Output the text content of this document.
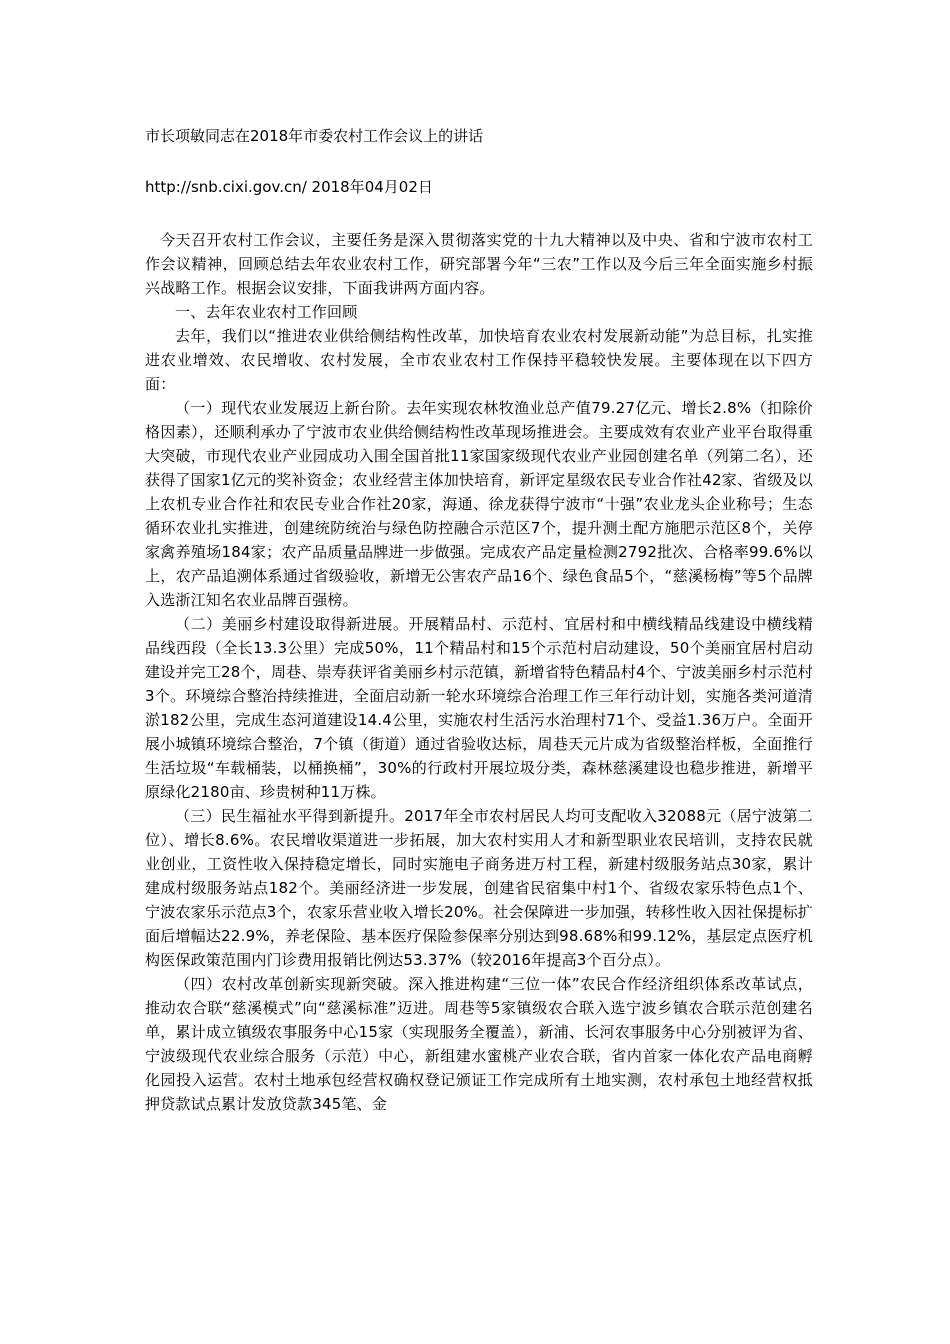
市长项敏同志在2018年市委农村工作会议上的讲话
http://snb.cixi.gov.cn/ 2018年04月02日

今天召开农村工作会议，主要任务是深入贯彻落实党的十九大精神以及中央、省和宁波市农村工作会议精神，回顾总结去年农业农村工作，研究部署今年“三农”工作以及今后三年全面实施乡村振兴战略工作。根据会议安排，下面我讲两方面内容。

一、去年农业农村工作回顾

去年，我们以“推进农业供给侧结构性改革，加快培育农业农村发展新动能”为总目标，扎实推进农业增效、农民增收、农村发展，全市农业农村工作保持平稳较快发展。主要体现在以下四方面：

（一）现代农业发展迈上新台阶。去年实现农林牧渔业总产值79.27亿元、增长2.8%（扣除价格因素），还顺利承办了宁波市农业供给侧结构性改革现场推进会。主要成效有农业产业平台取得重大突破，市现代农业产业园成功入围全国首批11家国家级现代农业产业园创建名单（列第二名），还获得了国家1亿元的奖补资金；农业经营主体加快培育，新评定星级农民专业合作社42家、省级及以上农机专业合作社和农民专业合作社20家，海通、徐龙获得宁波市“十强”农业龙头企业称号；生态循环农业扎实推进，创建统防统治与绿色防控融合示范区7个，提升测土配方施肥示范区8个，关停家禽养殖场184家；农产品质量品牌进一步做强。完成农产品定量检测2792批次、合格率99.6%以上，农产品追溯体系通过省级验收，新增无公害农产品16个、绿色食品5个，“慈溪杨梅”等5个品牌入选浙江知名农业品牌百强榜。

（二）美丽乡村建设取得新进展。开展精品村、示范村、宜居村和中横线精品线建设中横线精品线西段（全长13.3公里）完成50%，11个精品村和15个示范村启动建设，50个美丽宜居村启动建设并完工28个，周巷、崇寿获评省美丽乡村示范镇，新增省特色精品村4个、宁波美丽乡村示范村3个。环境综合整治持续推进，全面启动新一轮水环境综合治理工作三年行动计划，实施各类河道清淤182公里，完成生态河道建设14.4公里，实施农村生活污水治理村71个、受益1.36万户。全面开展小城镇环境综合整治，7个镇（街道）通过省验收达标，周巷天元片成为省级整治样板，全面推行生活垃圾“车载桶装，以桶换桶”，30%的行政村开展垃圾分类，森林慈溪建设也稳步推进，新增平原绿化2180亩、珍贵树种11万株。

（三）民生福祉水平得到新提升。2017年全市农村居民人均可支配收入32088元（居宁波第二位）、增长8.6%。农民增收渠道进一步拓展，加大农村实用人才和新型职业农民培训，支持农民就业创业，工资性收入保持稳定增长，同时实施电子商务进万村工程，新建村级服务站点30家，累计建成村级服务站点182个。美丽经济进一步发展，创建省民宿集中村1个、省级农家乐特色点1个、宁波农家乐示范点3个，农家乐营业收入增长20%。社会保障进一步加强，转移性收入因社保提标扩面后增幅达22.9%，养老保险、基本医疗保险参保率分别达到98.68%和99.12%，基层定点医疗机构医保政策范围内门诊费用报销比例达53.37%（较2016年提高3个百分点）。

（四）农村改革创新实现新突破。深入推进构建“三位一体”农民合作经济组织体系改革试点，推动农合联“慈溪模式”向“慈溪标准”迈进。周巷等5家镇级农合联入选宁波乡镇农合联示范创建名单，累计成立镇级农事服务中心15家（实现服务全覆盖），新浦、长河农事服务中心分别被评为省、宁波级现代农业综合服务（示范）中心，新组建水蜜桃产业农合联，省内首家一体化农产品电商孵化园投入运营。农村土地承包经营权确权登记颁证工作完成所有土地实测，农村承包土地经营权抵押贷款试点累计发放贷款345笔、金
